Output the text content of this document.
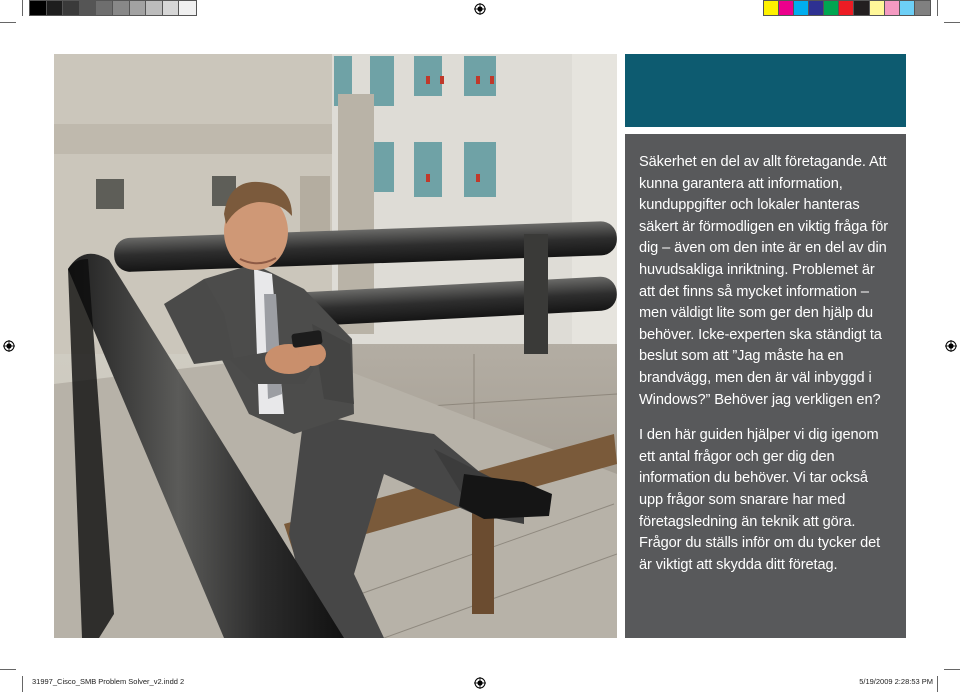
Säkerhet en del av allt företagande. Att kunna garantera att information, kunduppgifter och lokaler hanteras säkert är förmodligen en viktig fråga för dig – även om den inte är en del av din huvudsakliga inriktning. Problemet är att det finns så mycket information – men väldigt lite som ger den hjälp du behöver. Icke-experten ska ständigt ta beslut som att ”Jag måste ha en brandvägg, men den är väl inbyggd i Windows?” Behöver jag verkligen en?

I den här guiden hjälper vi dig igenom ett antal frågor och ger dig den information du behöver. Vi tar också upp frågor som snarare har med företagsledning än teknik att göra. Frågor du ställs inför om du tycker det är viktigt att skydda ditt företag.

31997_Cisco_SMB Problem Solver_v2.indd 2	5/19/2009 2:28:53 PM
